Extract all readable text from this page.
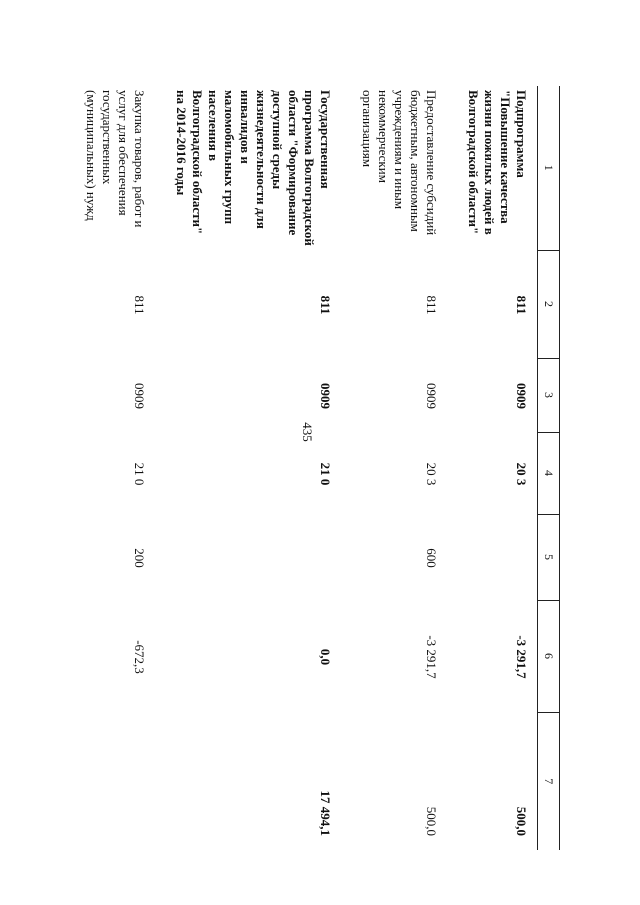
435
1	2	3	4	5	6	7
Подпрограмма "Повышение качества жизни пожилых людей в Волгоградской области"	811	0909	20 3		-3 291,7	500,0
Предоставление субсидий бюджетным, автономным учреждениям и иным некоммерческим организациям	811	0909	20 3	600	-3 291,7	500,0
Государственная программа Волгоградской области "Формирование доступной среды жизнедеятельности для инвалидов и маломобильных групп населения в Волгоградской области" на 2014-2016 годы	811	0909	21 0		0,0	17 494,1
Закупка товаров, работ и услуг для обеспечения государственных (муниципальных) нужд	811	0909	21 0	200	-672,3	
